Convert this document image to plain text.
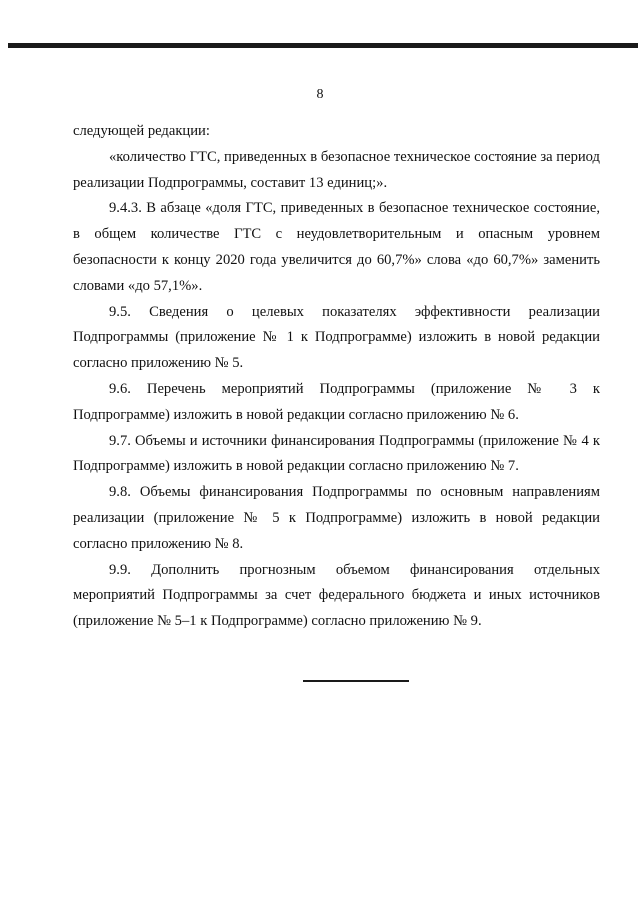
8

следующей редакции:

«количество ГТС, приведенных в безопасное техническое состояние за период реализации Подпрограммы, составит 13 единиц;».

9.4.3. В абзаце «доля ГТС, приведенных в безопасное техническое состояние, в общем количестве ГТС с неудовлетворительным и опасным уровнем безопасности к концу 2020 года увеличится до 60,7%» слова «до 60,7%» заменить словами «до 57,1%».

9.5. Сведения о целевых показателях эффективности реализации Подпрограммы (приложение № 1 к Подпрограмме) изложить в новой редакции согласно приложению № 5.

9.6. Перечень мероприятий Подпрограммы (приложение № 3 к Подпрограмме) изложить в новой редакции согласно приложению № 6.

9.7. Объемы и источники финансирования Подпрограммы (приложение № 4 к Подпрограмме) изложить в новой редакции согласно приложению № 7.

9.8. Объемы финансирования Подпрограммы по основным направлениям реализации (приложение № 5 к Подпрограмме) изложить в новой редакции согласно приложению № 8.

9.9. Дополнить прогнозным объемом финансирования отдельных мероприятий Подпрограммы за счет федерального бюджета и иных источников (приложение № 5–1 к Подпрограмме) согласно приложению № 9.
